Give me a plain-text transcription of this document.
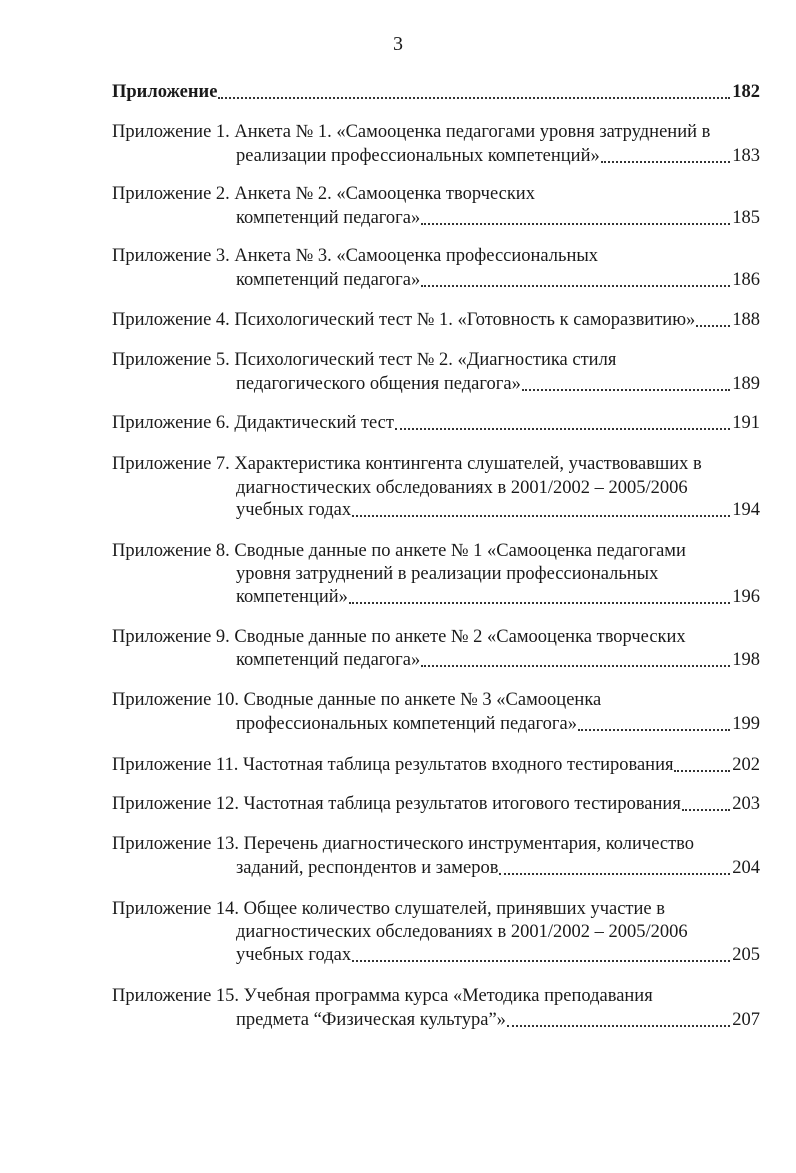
3
Приложение	182
Приложение 1. Анкета № 1. «Самооценка педагогами уровня затруднений в
реализации профессиональных компетенций»	183
Приложение 2. Анкета № 2. «Самооценка творческих
компетенций педагога»	185
Приложение 3. Анкета № 3. «Самооценка профессиональных
компетенций педагога»	186
Приложение 4. Психологический тест № 1. «Готовность к саморазвитию» 188
Приложение 5. Психологический тест № 2. «Диагностика стиля
педагогического общения педагога»	189
Приложение 6. Дидактический тест	191
Приложение 7. Характеристика контингента слушателей, участвовавших в
диагностических обследованиях в 2001/2002 – 2005/2006
учебных годах	194
Приложение 8. Сводные данные по анкете № 1 «Самооценка педагогами
уровня затруднений в реализации профессиональных
компетенций»	196
Приложение 9. Сводные данные по анкете № 2 «Самооценка творческих
компетенций педагога»	198
Приложение 10. Сводные данные по анкете № 3 «Самооценка
профессиональных компетенций педагога»	199
Приложение 11. Частотная таблица результатов входного тестирования	202
Приложение 12. Частотная таблица результатов итогового тестирования	203
Приложение 13. Перечень диагностического инструментария, количество
заданий, респондентов и замеров	204
Приложение 14. Общее количество слушателей, принявших участие в
диагностических обследованиях в 2001/2002 – 2005/2006
учебных годах	205
Приложение 15. Учебная программа курса «Методика преподавания
предмета “Физическая культура”»	207
